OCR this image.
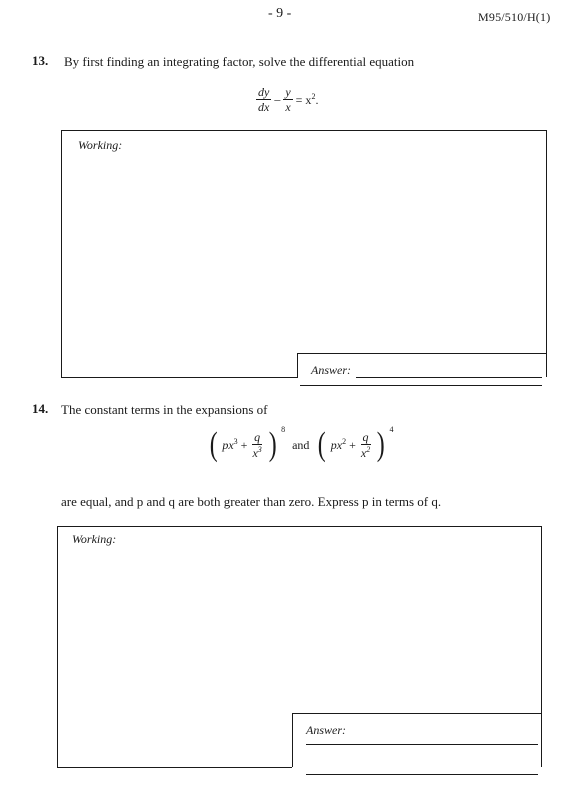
- 9 -	M95/510/H(1)
13. By first finding an integrating factor, solve the differential equation
$\frac{dy}{dx} - \frac{y}{x} = x^2$.
Working:
Answer:
14. The constant terms in the expansions of
( $px^3 + \frac{q}{x^3}$ ) $^8$
and ( $px^2 + \frac{q}{x^2}$ ) $^4$
are equal, and p and q are both greater than zero. Express p in terms of q.
Working:
Answer:
